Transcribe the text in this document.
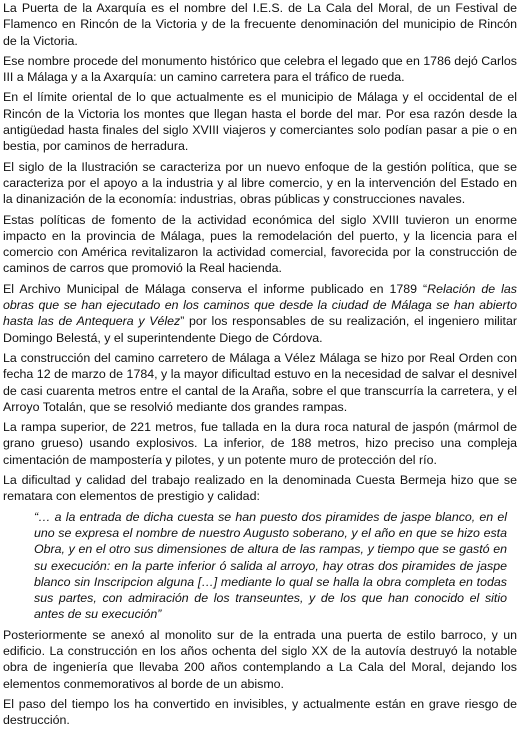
La Puerta de la Axarquía es el nombre del I.E.S. de La Cala del Moral, de un Festival de Flamenco en Rincón de la Victoria y de la frecuente denominación del municipio de Rincón de la Victoria.

Ese nombre procede del monumento histórico que celebra el legado que en 1786 dejó Carlos III a Málaga y a la Axarquía: un camino carretera para el tráfico de rueda.

En el límite oriental de lo que actualmente es el municipio de Málaga y el occidental de el Rincón de la Victoria los montes que llegan hasta el borde del mar. Por esa razón desde la antigüedad hasta finales del siglo XVIII viajeros y comerciantes solo podían pasar a pie o en bestia, por caminos de herradura.

El siglo de la Ilustración se caracteriza por un nuevo enfoque de la gestión política, que se caracteriza por el apoyo a la industria y al libre comercio, y en la intervención del Estado en la dinanización de la economía: industrias, obras públicas y construcciones navales.

Estas políticas de fomento de la actividad económica del siglo XVIII tuvieron un enorme impacto en la provincia de Málaga, pues la remodelación del puerto, y la licencia para el comercio con América revitalizaron la actividad comercial, favorecida por la construcción de caminos de carros que promovió la Real hacienda.

El Archivo Municipal de Málaga conserva el informe publicado en 1789 “Relación de las obras que se han ejecutado en los caminos que desde la ciudad de Málaga se han abierto hasta las de Antequera y Vélez” por los responsables de su realización, el ingeniero militar Domingo Belestá, y el superintendente Diego de Córdova.

La construcción del camino carretero de Málaga a Vélez Málaga se hizo por Real Orden con fecha 12 de marzo de 1784, y la mayor dificultad estuvo en la necesidad de salvar el desnivel de casi cuarenta metros entre el cantal de la Araña, sobre el que transcurría la carretera, y el Arroyo Totalán, que se resolvió mediante dos grandes rampas.

La rampa superior, de 221 metros, fue tallada en la dura roca natural de jaspón (mármol de grano grueso) usando explosivos. La inferior, de 188 metros, hizo preciso una compleja cimentación de mampostería y pilotes, y un potente muro de protección del río.

La dificultad y calidad del trabajo realizado en la denominada Cuesta Bermeja hizo que se rematara con elementos de prestigio y calidad:

“… a la entrada de dicha cuesta se han puesto dos piramides de jaspe blanco, en el uno se expresa el nombre de nuestro Augusto soberano, y el año en que se hizo esta Obra, y en el otro sus dimensiones de altura de las rampas, y tiempo que se gastó en su execución: en la parte inferior ó salida al arroyo, hay otras dos piramides de jaspe blanco sin Inscripcion alguna […] mediante lo qual se halla la obra completa en todas sus partes, con admiración de los transeuntes, y de los que han conocido el sitio antes de su execución”

Posteriormente se anexó al monolito sur de la entrada una puerta de estilo barroco, y un edificio. La construcción en los años ochenta del siglo XX de la autovía destruyó la notable obra de ingeniería que llevaba 200 años contemplando a La Cala del Moral, dejando los elementos conmemorativos al borde de un abismo.

El paso del tiempo los ha convertido en invisibles, y actualmente están en grave riesgo de destrucción.
